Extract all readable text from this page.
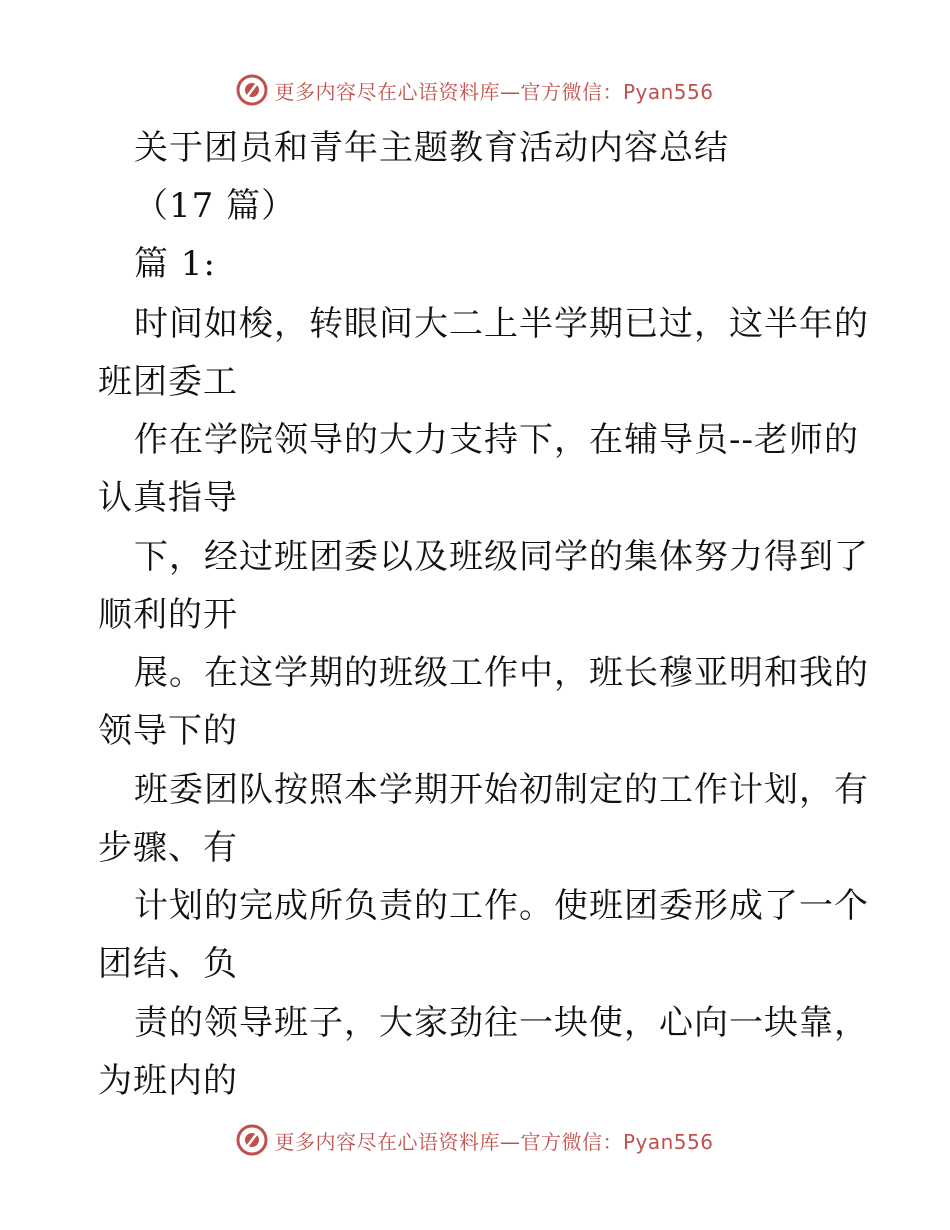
更多内容尽在心语资料库—官方微信：Pyan556
关于团员和青年主题教育活动内容总结
（17 篇）
篇 1:
时间如梭，转眼间大二上半学期已过，这半年的
班团委工
作在学院领导的大力支持下，在辅导员--老师的
认真指导
下，经过班团委以及班级同学的集体努力得到了
顺利的开
展。在这学期的班级工作中，班长穆亚明和我的
领导下的
班委团队按照本学期开始初制定的工作计划，有
步骤、有
计划的完成所负责的工作。使班团委形成了一个
团结、负
责的领导班子，大家劲往一块使，心向一块靠，
为班内的
更多内容尽在心语资料库—官方微信：Pyan556
